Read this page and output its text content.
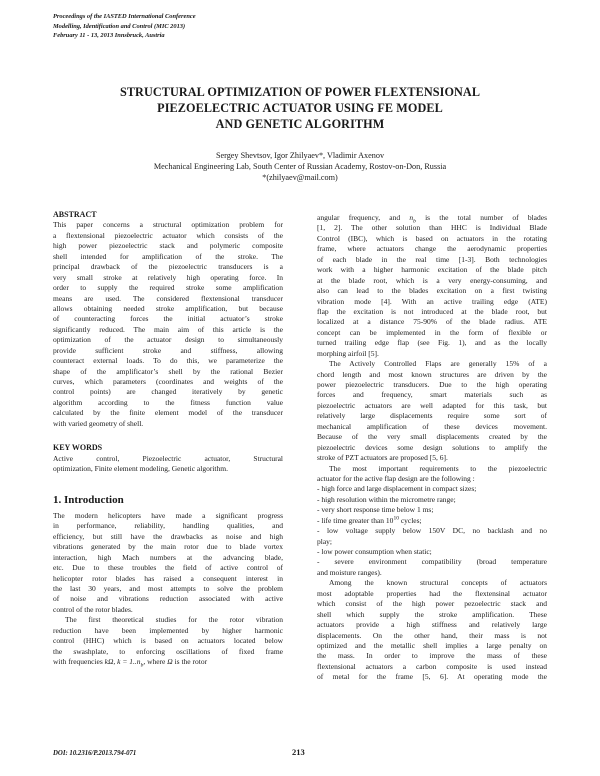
Proceedings of the IASTED International Conference
Modelling, Identification and Control (MIC 2013)
February 11 - 13, 2013 Innsbruck, Austria
STRUCTURAL OPTIMIZATION OF POWER FLEXTENSIONAL
PIEZOELECTRIC ACTUATOR USING FE MODEL
AND GENETIC ALGORITHM
Sergey Shevtsov, Igor Zhilyaev*, Vladimir Axenov
Mechanical Engineering Lab, South Center of Russian Academy, Rostov-on-Don, Russia
*(zhilyaev@mail.com)
ABSTRACT
This paper concerns a structural optimization problem for
a flextensional piezoelectric actuator which consists of the
high power piezoelectric stack and polymeric composite
shell intended for amplification of the stroke. The
principal drawback of the piezoelectric transducers is a
very small stroke at relatively high operating force. In
order to supply the required stroke some amplification
means are used. The considered flextensional transducer
allows obtaining needed stroke amplification, but because
of counteracting forces the initial actuator’s stroke
significantly reduced. The main aim of this article is the
optimization of the actuator design to simultaneously
provide sufficient stroke and stiffness, allowing
counteract external loads. To do this, we parameterize the
shape of the amplificator’s shell by the rational Bezier
curves, which parameters (coordinates and weights of the
control points) are changed iteratively by genetic
algorithm according to the fitness function value
calculated by the finite element model of the transducer
with varied geometry of shell.
KEY WORDS
Active control, Piezoelectric actuator, Structural
optimization, Finite element modeling, Genetic algorithm.
1. Introduction
The modern helicopters have made a significant progress
in performance, reliability, handling qualities, and
efficiency, but still have the drawbacks as noise and high
vibrations generated by the main rotor due to blade vortex
interaction, high Mach numbers at the advancing blade,
etc. Due to these troubles the field of active control of
helicopter rotor blades has raised a consequent interest in
the last 30 years, and most attempts to solve the problem
of noise and vibrations reduction associated with active
control of the rotor blades.
The first theoretical studies for the rotor vibration
reduction have been implemented by higher harmonic
control (HHC) which is based on actuators located below
the swashplate, to enforcing oscillations of fixed frame
with frequencies kΩ, $k = 1..n_b$, where Ω is the rotor
angular frequency, and $n_b$ is the total number of blades
[1, 2]. The other solution than HHC is Individual Blade
Control (IBC), which is based on actuators in the rotating
frame, where actuators change the aerodynamic properties
of each blade in the real time [1-3]. Both technologies
work with a higher harmonic excitation of the blade pitch
at the blade root, which is a very energy-consuming, and
also can lead to the blades excitation on a first twisting
vibration mode [4]. With an active trailing edge (ATE)
flap the excitation is not introduced at the blade root, but
localized at a distance 75-90% of the blade radius. ATE
concept can be implemented in the form of flexible or
turned trailing edge flap (see Fig. 1), and as the locally
morphing airfoil [5].
The Actively Controlled Flaps are generally 15% of a
chord length and most known structures are driven by the
power piezoelectric transducers. Due to the high operating
forces and frequency, smart materials such as
piezoelectric actuators are well adapted for this task, but
relatively large displacements require some sort of
mechanical amplification of these devices movement.
Because of the very small displacements created by the
piezoelectric devices some design solutions to amplify the
stroke of PZT actuators are proposed [5, 6].
The most important requirements to the piezoelectric
actuator for the active flap design are the following :
- high force and large displacement in compact sizes;
- high resolution within the micrometre range;
- very short response time below 1 ms;
- life time greater than $10^{10}$ cycles;
- low voltage supply below 150V DC, no backlash and no
play;
- low power consumption when static;
- severe environment compatibility (broad temperature
and moisture ranges).
Among the known structural concepts of actuators
most adoptable properties had the flextensinal actuator
which consist of the high power pezoelectric stack and
shell which supply the stroke amplification. These
actuators provide a high stiffness and relatively large
displacements. On the other hand, their mass is not
optimized and the metallic shell implies a large penalty on
the mass. In order to improve the mass of these
flextensional actuators a carbon composite is used instead
of metal for the frame [5, 6]. At operating mode the
DOI: 10.2316/P.2013.794-071	213
